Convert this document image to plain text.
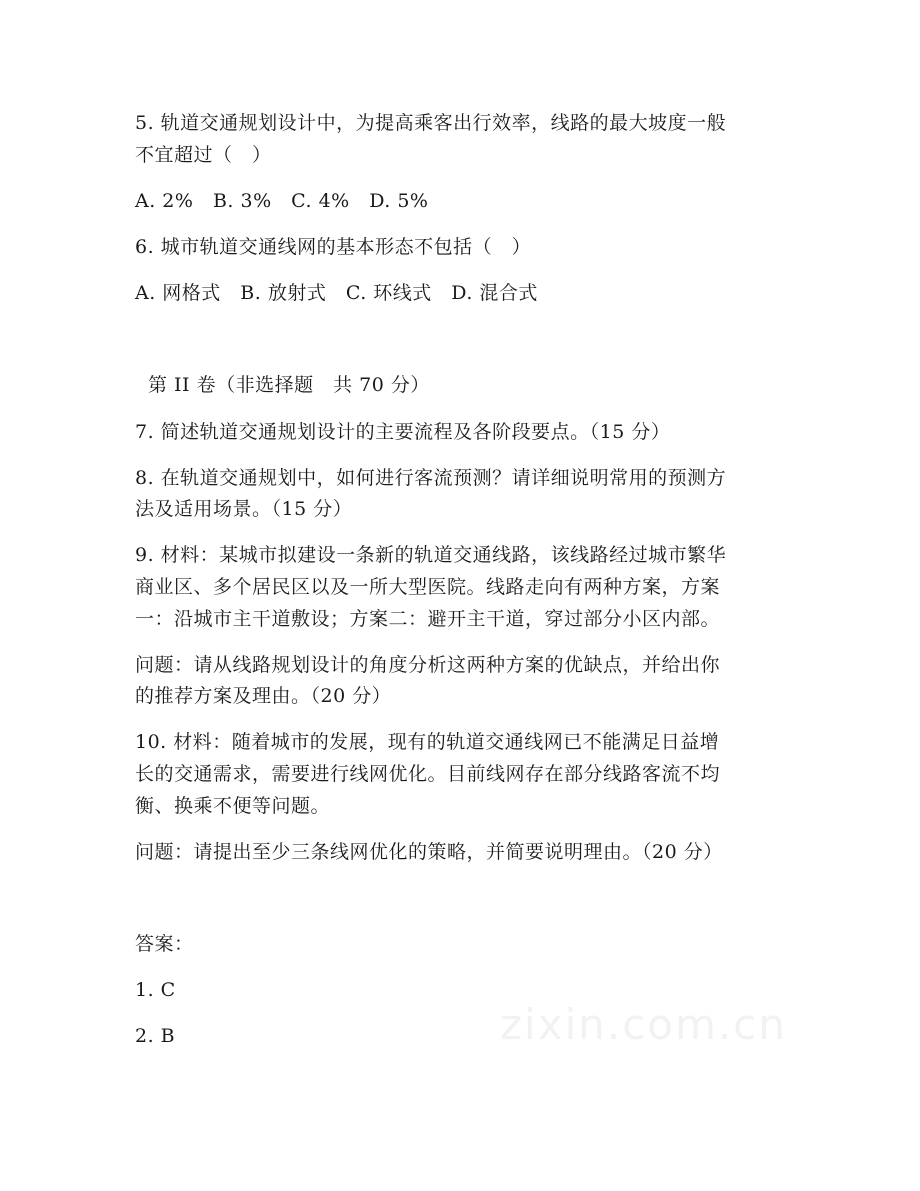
5. 轨道交通规划设计中，为提高乘客出行效率，线路的最大坡度一般
不宜超过（　）
A. 2%　B. 3%　C. 4%　D. 5%
6. 城市轨道交通线网的基本形态不包括（　）
A. 网格式　B. 放射式　C. 环线式　D. 混合式
第 II 卷（非选择题　共 70 分）
7. 简述轨道交通规划设计的主要流程及各阶段要点。（15 分）
8. 在轨道交通规划中，如何进行客流预测？请详细说明常用的预测方
法及适用场景。（15 分）
9. 材料：某城市拟建设一条新的轨道交通线路，该线路经过城市繁华
商业区、多个居民区以及一所大型医院。线路走向有两种方案，方案
一：沿城市主干道敷设；方案二：避开主干道，穿过部分小区内部。
问题：请从线路规划设计的角度分析这两种方案的优缺点，并给出你
的推荐方案及理由。（20 分）
10. 材料：随着城市的发展，现有的轨道交通线网已不能满足日益增
长的交通需求，需要进行线网优化。目前线网存在部分线路客流不均
衡、换乘不便等问题。
问题：请提出至少三条线网优化的策略，并简要说明理由。（20 分）
答案：
1. C
2. B	zixin.com.cn
